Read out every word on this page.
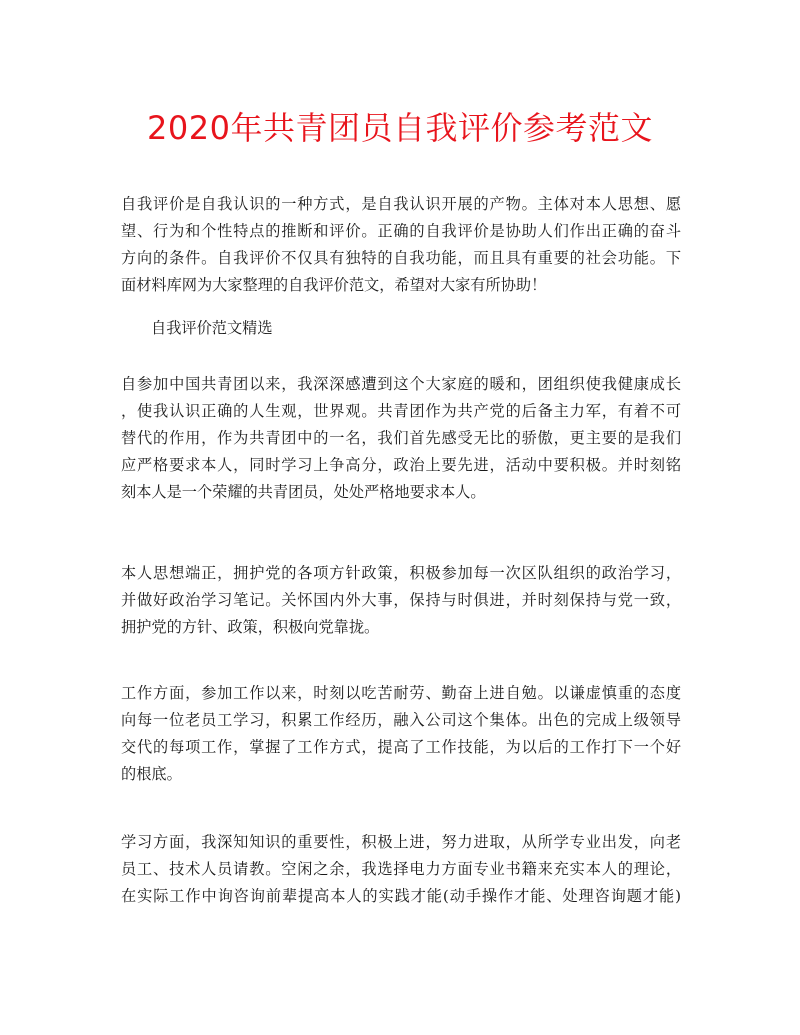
2020年共青团员自我评价参考范文
自我评价是自我认识的一种方式，是自我认识开展的产物。主体对本人思想、愿
望、行为和个性特点的推断和评价。正确的自我评价是协助人们作出正确的奋斗
方向的条件。自我评价不仅具有独特的自我功能，而且具有重要的社会功能。下
面材料库网为大家整理的自我评价范文，希望对大家有所协助！
自我评价范文精选
自参加中国共青团以来，我深深感遭到这个大家庭的暖和，团组织使我健康成长
，使我认识正确的人生观，世界观。共青团作为共产党的后备主力军，有着不可
替代的作用，作为共青团中的一名，我们首先感受无比的骄傲，更主要的是我们
应严格要求本人，同时学习上争高分，政治上要先进，活动中要积极。并时刻铭
刻本人是一个荣耀的共青团员，处处严格地要求本人。
本人思想端正，拥护党的各项方针政策，积极参加每一次区队组织的政治学习，
并做好政治学习笔记。关怀国内外大事，保持与时俱进，并时刻保持与党一致，
拥护党的方针、政策，积极向党靠拢。
工作方面，参加工作以来，时刻以吃苦耐劳、勤奋上进自勉。以谦虚慎重的态度
向每一位老员工学习，积累工作经历，融入公司这个集体。出色的完成上级领导
交代的每项工作，掌握了工作方式，提高了工作技能，为以后的工作打下一个好
的根底。
学习方面，我深知知识的重要性，积极上进，努力进取，从所学专业出发，向老
员工、技术人员请教。空闲之余，我选择电力方面专业书籍来充实本人的理论，
在实际工作中询咨询前辈提高本人的实践才能(动手操作才能、处理咨询题才能)
